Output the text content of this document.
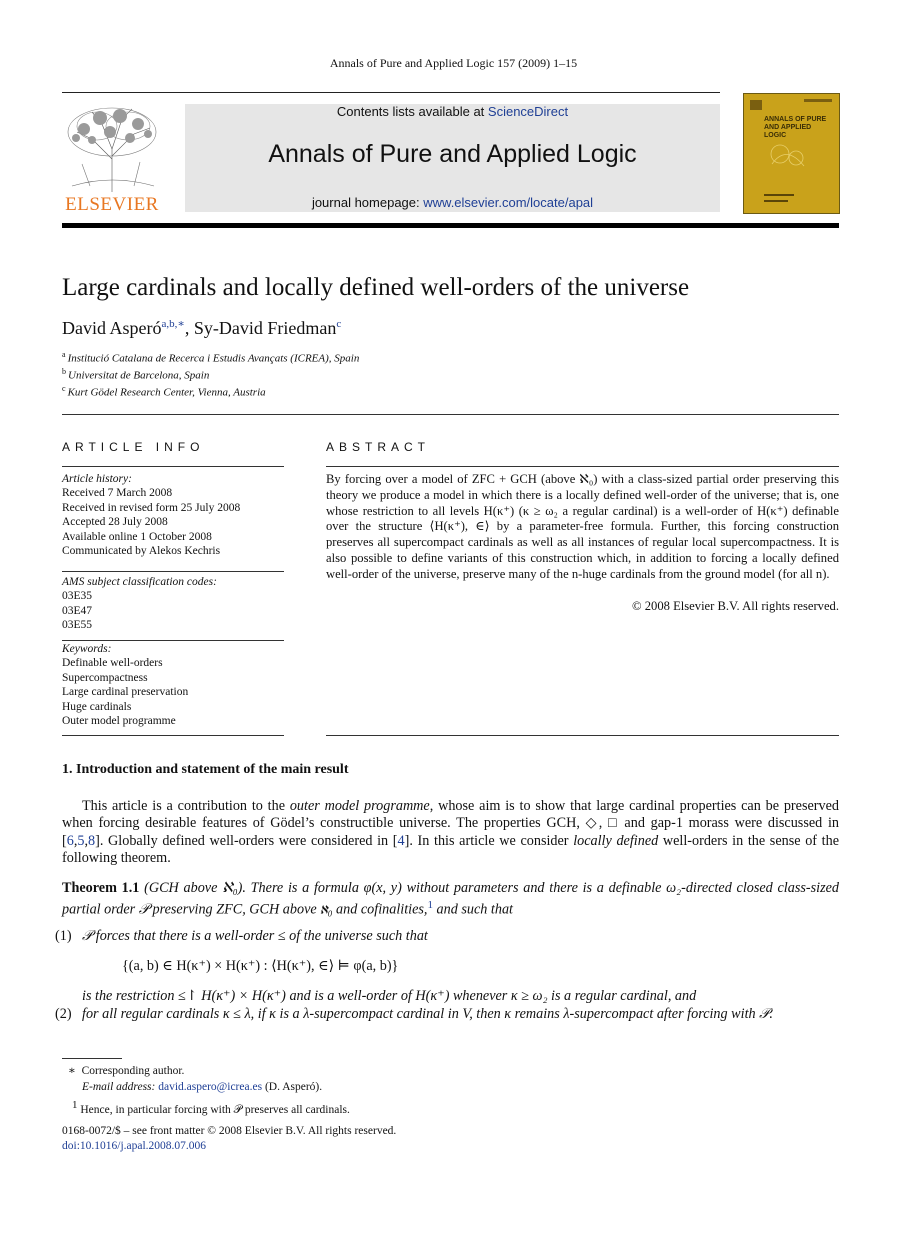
Annals of Pure and Applied Logic 157 (2009) 1–15
ELSEVIER
Contents lists available at ScienceDirect
Annals of Pure and Applied Logic
journal homepage: www.elsevier.com/locate/apal
ANNALS OF PURE AND APPLIED LOGIC
Large cardinals and locally defined well-orders of the universe
David Asperó$^{a,b,∗}$, Sy-David Friedman$^c$
$^a$ Institució Catalana de Recerca i Estudis Avançats (ICREA), Spain
$^b$ Universitat de Barcelona, Spain
$^c$ Kurt Gödel Research Center, Vienna, Austria
ARTICLE INFO
Article history:
Received 7 March 2008
Received in revised form 25 July 2008
Accepted 28 July 2008
Available online 1 October 2008
Communicated by Alekos Kechris
AMS subject classification codes:
03E35
03E47
03E55
Keywords:
Definable well-orders
Supercompactness
Large cardinal preservation
Huge cardinals
Outer model programme
ABSTRACT
By forcing over a model of ZFC + GCH (above ℵ₀) with a class-sized partial order preserving this theory we produce a model in which there is a locally defined well-order of the universe; that is, one whose restriction to all levels H(κ⁺) (κ ≥ ω₂ a regular cardinal) is a well-order of H(κ⁺) definable over the structure ⟨H(κ⁺), ∈⟩ by a parameter-free formula. Further, this forcing construction preserves all supercompact cardinals as well as all instances of regular local supercompactness. It is also possible to define variants of this construction which, in addition to forcing a locally defined well-order of the universe, preserve many of the n-huge cardinals from the ground model (for all n).
© 2008 Elsevier B.V. All rights reserved.
1. Introduction and statement of the main result
This article is a contribution to the outer model programme, whose aim is to show that large cardinal properties can be preserved when forcing desirable features of Gödel’s constructible universe. The properties GCH, ◇, □ and gap-1 morass were discussed in [6,5,8]. Globally defined well-orders were considered in [4]. In this article we consider locally defined well-orders in the sense of the following theorem.
Theorem 1.1 (GCH above ℵ₀). There is a formula φ(x, y) without parameters and there is a definable ω₂-directed closed class-sized partial order 𝒫 preserving ZFC, GCH above ℵ₀ and cofinalities,$^1$ and such that
(1) 𝒫 forces that there is a well-order ≤ of the universe such that
{(a, b) ∈ H(κ⁺) × H(κ⁺) : ⟨H(κ⁺), ∈⟩ ⊨ φ(a, b)}
is the restriction ≤↾ H(κ⁺) × H(κ⁺) and is a well-order of H(κ⁺) whenever κ ≥ ω₂ is a regular cardinal, and
(2) for all regular cardinals κ ≤ λ, if κ is a λ-supercompact cardinal in V, then κ remains λ-supercompact after forcing with 𝒫.
∗ Corresponding author.
E-mail address: david.aspero@icrea.es (D. Asperó).
$^1$ Hence, in particular forcing with 𝒫 preserves all cardinals.
0168-0072/$ – see front matter © 2008 Elsevier B.V. All rights reserved.
doi:10.1016/j.apal.2008.07.006
